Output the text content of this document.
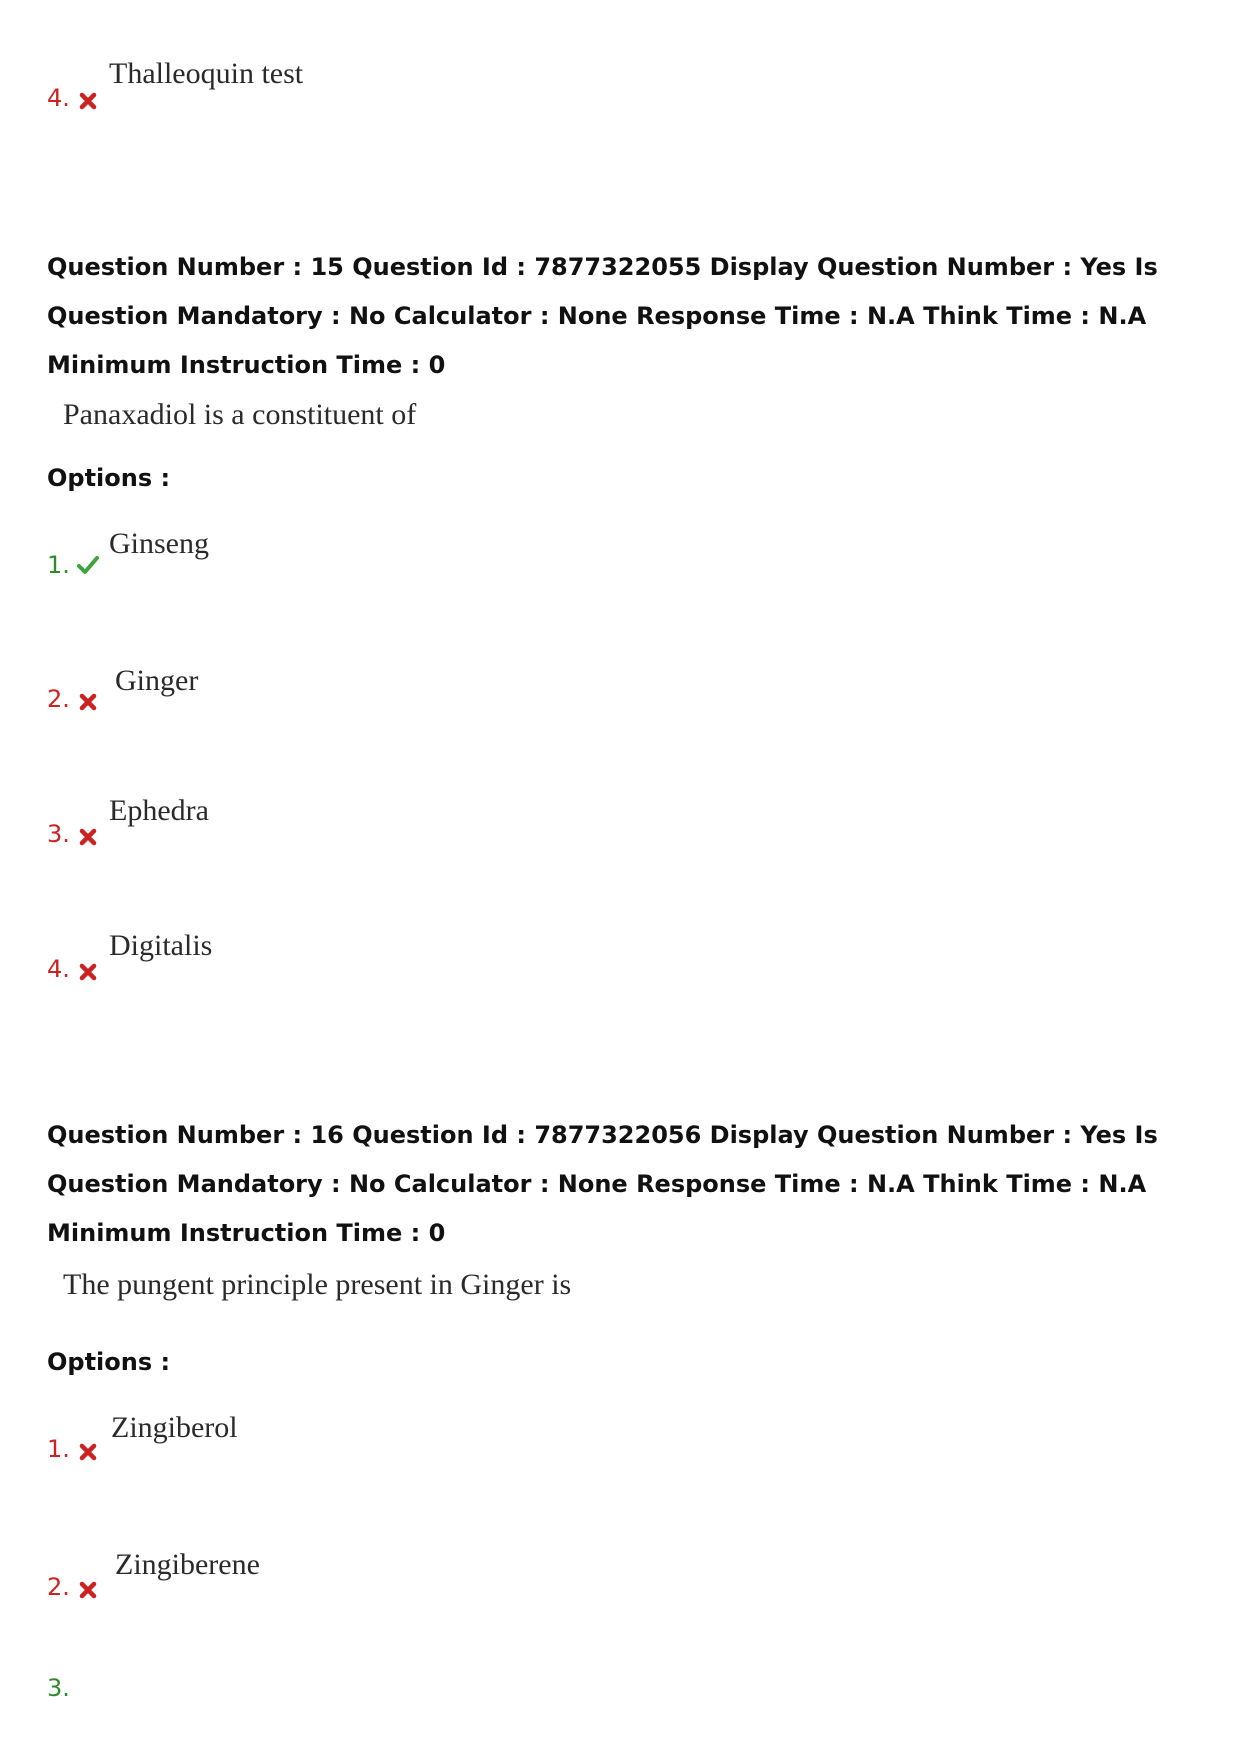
4.
Thalleoquin test
Question Number : 15 Question Id : 7877322055 Display Question Number : Yes Is Question Mandatory : No Calculator : None Response Time : N.A Think Time : N.A Minimum Instruction Time : 0
Panaxadiol is a constituent of
Options :
1.
Ginseng
2.
Ginger
3.
Ephedra
4.
Digitalis
Question Number : 16 Question Id : 7877322056 Display Question Number : Yes Is Question Mandatory : No Calculator : None Response Time : N.A Think Time : N.A Minimum Instruction Time : 0
The pungent principle present in Ginger is
Options :
1.
Zingiberol
2.
Zingiberene
3.
